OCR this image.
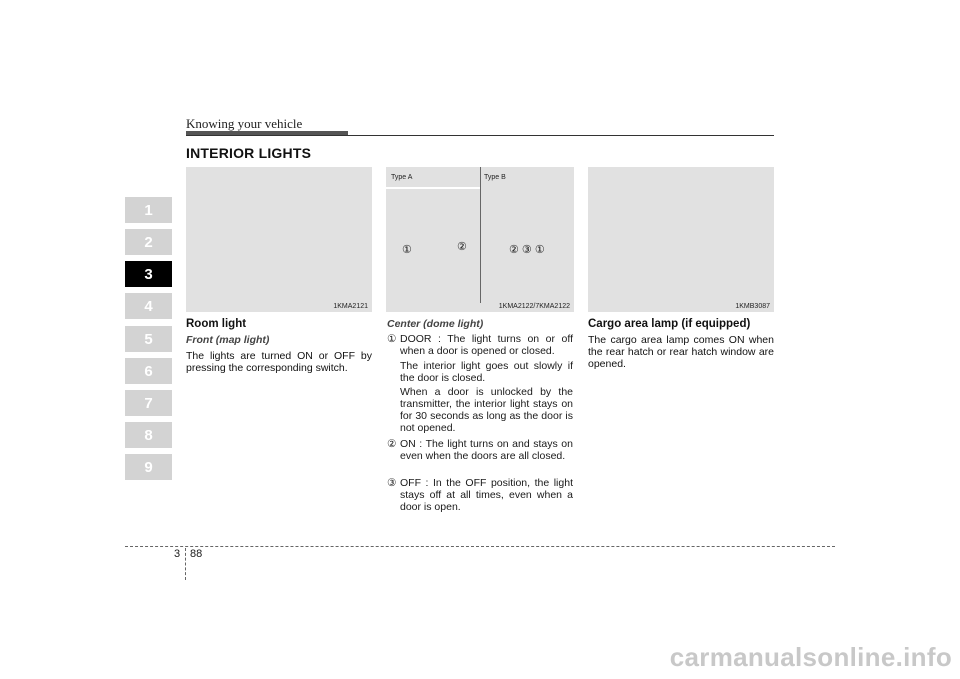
Knowing your vehicle
INTERIOR LIGHTS
1
2
3
4
5
6
7
8
9
1KMA2121
Room light
Front (map light)
The lights are turned ON or OFF by pressing the corresponding switch.
Type A	Type B
①	②	② ③ ①
1KMA2122/7KMA2122
Center (dome light)
① DOOR : The light turns on or off when a door is opened or closed.
The interior light goes out slowly if the door is closed.
When a door is unlocked by the transmitter, the interior light stays on for 30 seconds as long as the door is not opened.
② ON : The light turns on and stays on even when the doors are all closed.
③ OFF : In the OFF position, the light stays off at all times, even when a door is open.
1KMB3087
Cargo area lamp (if equipped)
The cargo area lamp comes ON when the rear hatch or rear hatch window are opened.
3 88
carmanualsonline.info
